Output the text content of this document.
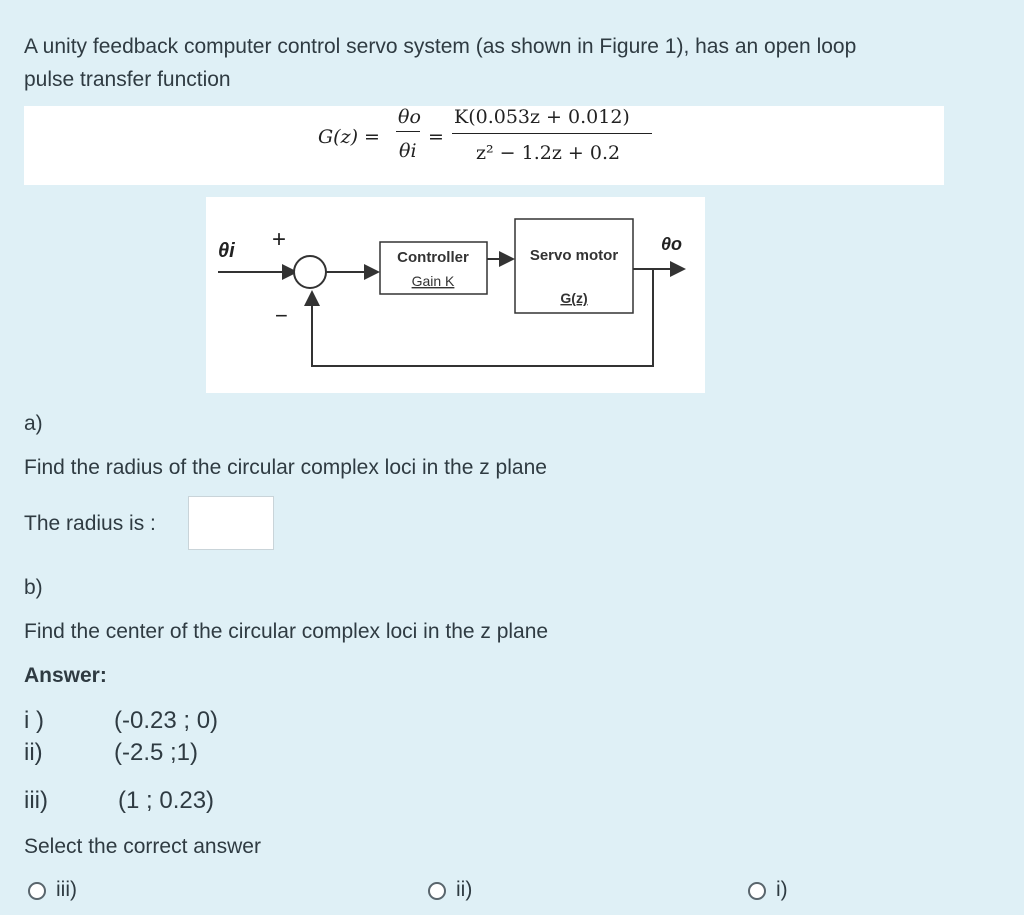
A unity feedback computer control servo system (as shown in Figure 1), has an open loop
pulse transfer function
G(z) =
θo
θi
=
K(0.053z + 0.012)
z² − 1.2z + 0.2
θi +
−
Controller
Gain K
Servo motor
G(z)
θo
a)
Find the radius of the circular complex loci in the z plane
The radius is :
b)
Find the center of the circular complex loci in the z plane
Answer:
i )	(-0.23 ; 0)
ii)	(-2.5 ;1)
iii)	(1 ; 0.23)
Select the correct answer
iii)	ii)	i)
